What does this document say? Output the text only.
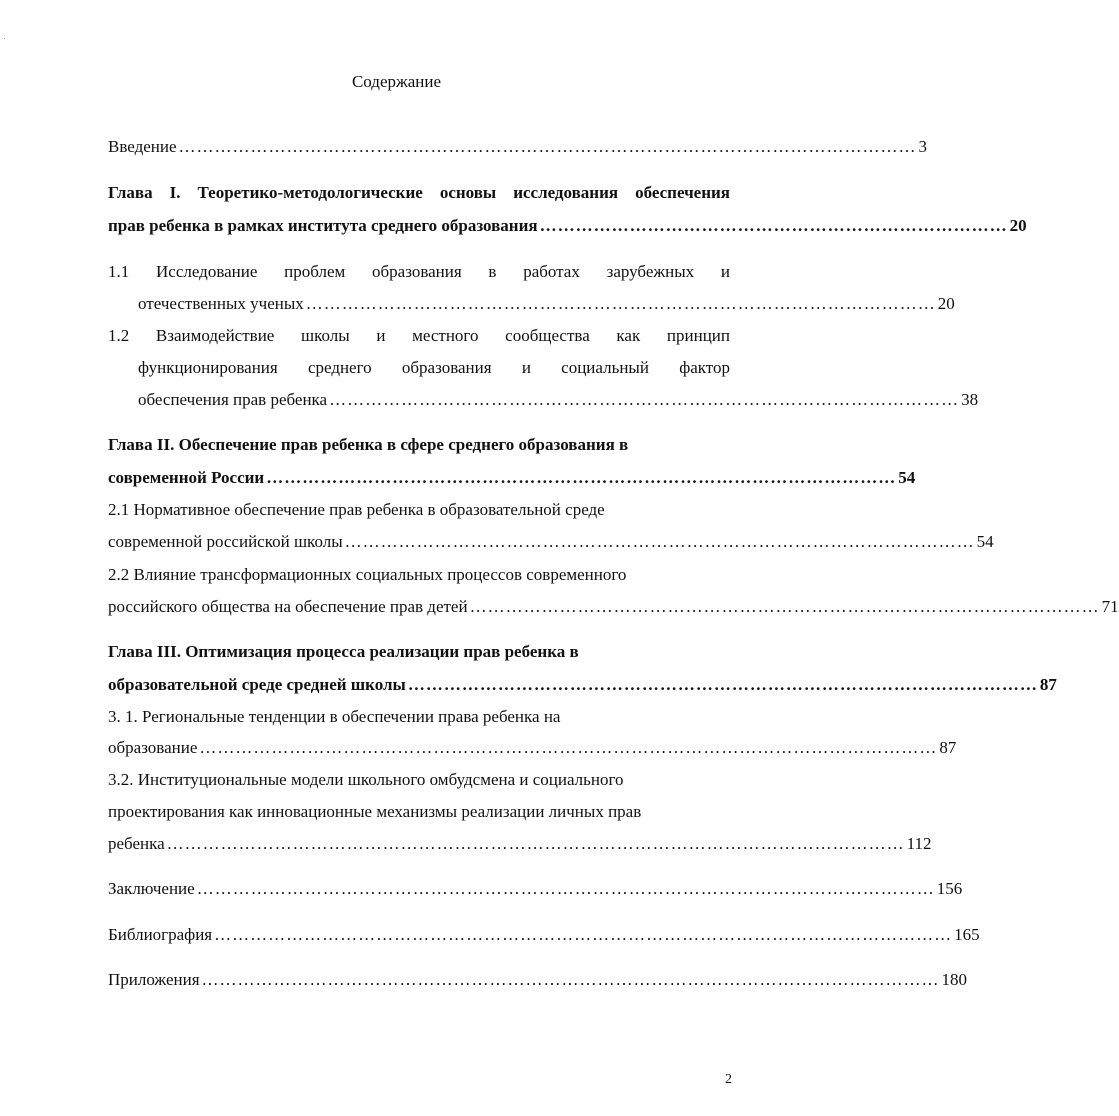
Содержание
Введение …………………………………………………………………………………………………………… 3
Глава I. Теоретико-методологические основы исследования обеспечения
прав ребенка в рамках института среднего образования …………………………………………………………………… 20
1.1 Исследование проблем образования в работах зарубежных и
отечественных ученых …………………………………………………………………………………………… 20
1.2 Взаимодействие школы и местного сообщества как принцип
функционирования среднего образования и социальный фактор
обеспечения прав ребенка …………………………………………………………………………………………… 38
Глава II. Обеспечение прав ребенка в сфере среднего образования в
современной России …………………………………………………………………………………………… 54
2.1 Нормативное обеспечение прав ребенка в образовательной среде
современной российской школы …………………………………………………………………………………………… 54
2.2 Влияние трансформационных социальных процессов современного
российского общества на обеспечение прав детей …………………………………………………………………………………………… 71
Глава III. Оптимизация процесса реализации прав ребенка в
образовательной среде средней школы …………………………………………………………………………………………… 87
3. 1. Региональные тенденции в обеспечении права ребенка на
образование …………………………………………………………………………………………………………… 87
3.2. Институциональные модели школьного омбудсмена и социального
проектирования как инновационные механизмы реализации личных прав
ребенка …………………………………………………………………………………………………………… 112
Заключение …………………………………………………………………………………………………………… 156
Библиография …………………………………………………………………………………………………………… 165
Приложения …………………………………………………………………………………………………………… 180
2
